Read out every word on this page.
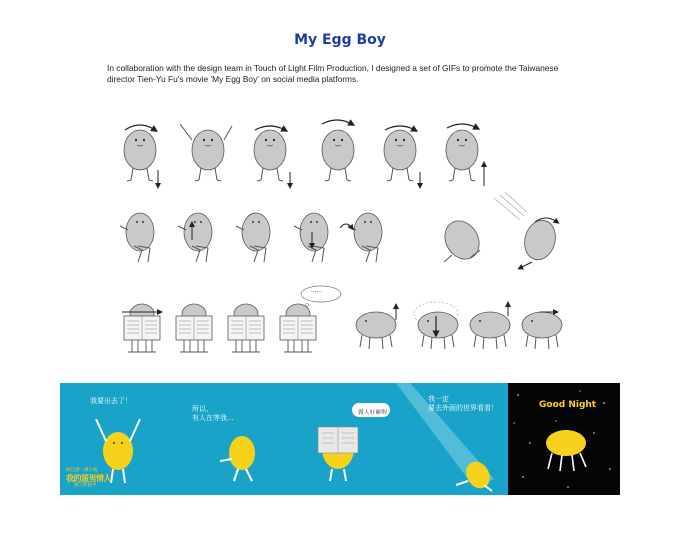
My Egg Boy
In collaboration with the design team in Touch of Light Film Production, I designed a set of GIFs to promote the Taiwanese director Tien-Yu Fu's movie 'My Egg Boy' on social media platforms.
......
我要出去了！
柯佳嬿・潘小杨
我的蛋男情人
國立影視中
所以，
有人在等我...
做人好累喔
我一定
要去外面的世界看看！	Good Night
